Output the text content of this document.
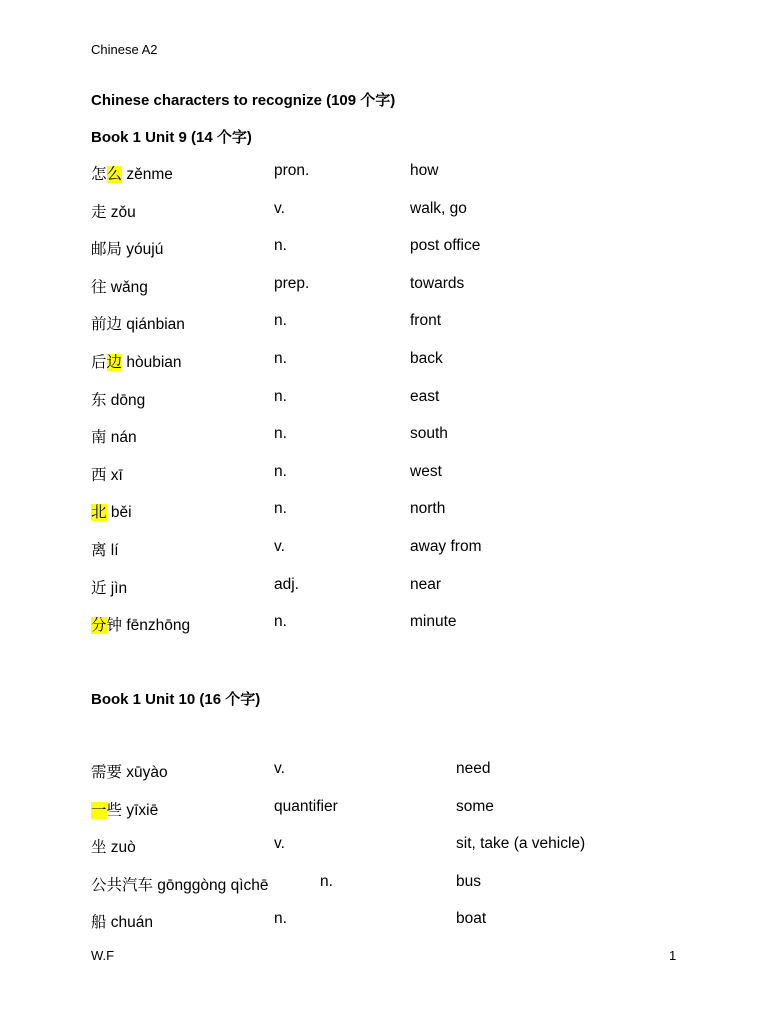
Chinese A2
Chinese characters to recognize (109 个字)
Book 1 Unit 9 (14 个字)
怎么 zěnme	pron.	how
走 zǒu	v.	walk, go
邮局 yóujú	n.	post office
往 wǎng	prep.	towards
前边 qiánbian	n.	front
后边 hòubian	n.	back
东 dōng	n.	east
南 nán	n.	south
西 xī	n.	west
北 běi	n.	north
离 lí	v.	away from
近 jìn	adj.	near
分钟 fēnzhōng	n.	minute
Book 1 Unit 10 (16 个字)
需要 xūyào	v.	need
一些 yīxiē	quantifier	some
坐 zuò	v.	sit, take (a vehicle)
公共汽车 gōnggòng qìchē	n.	bus
船 chuán	n.	boat
W.F	1
